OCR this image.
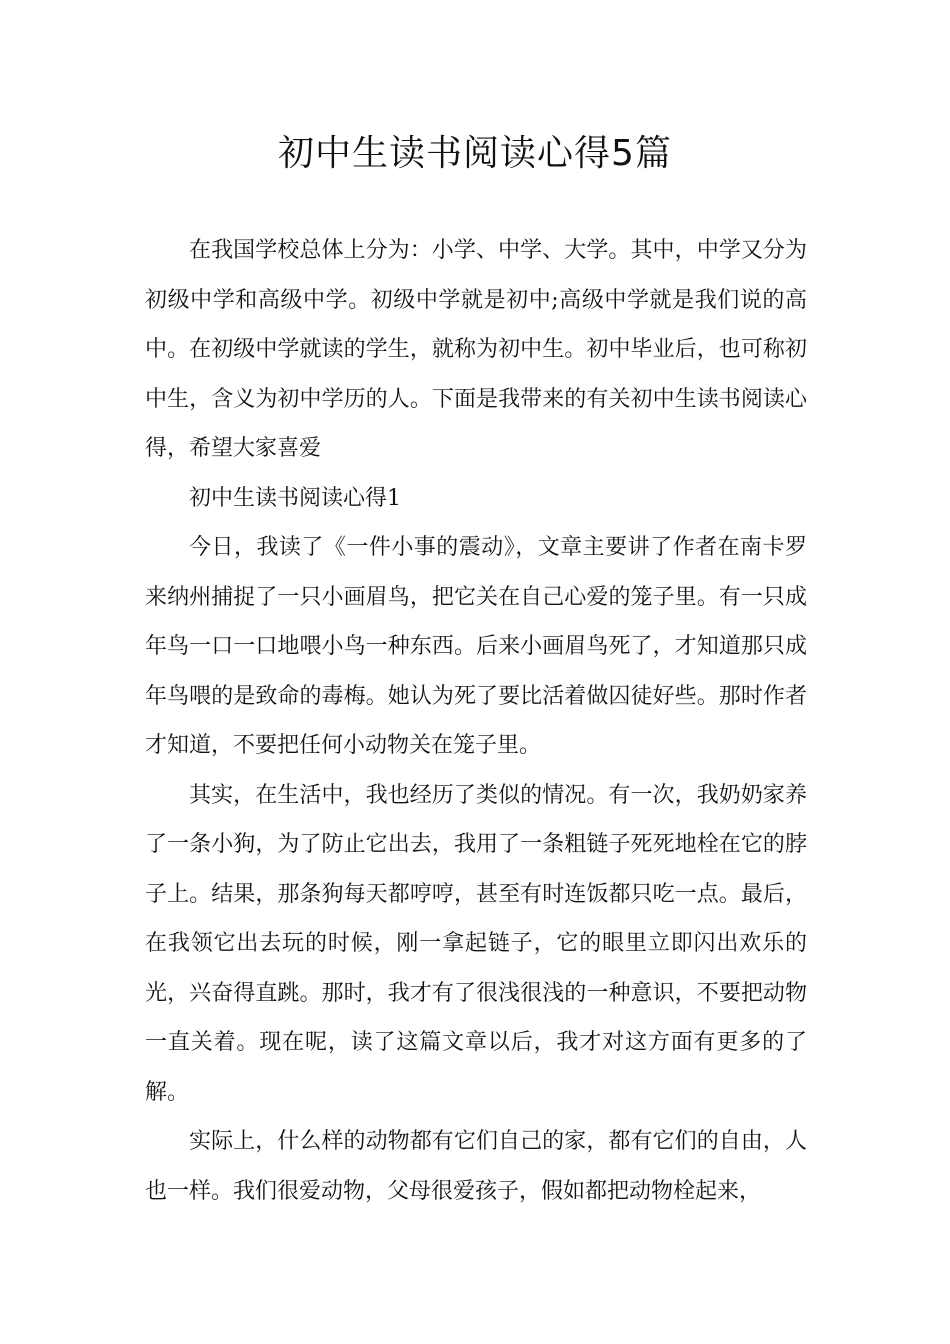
初中生读书阅读心得5篇

在我国学校总体上分为：小学、中学、大学。其中，中学又分为初级中学和高级中学。初级中学就是初中;高级中学就是我们说的高中。在初级中学就读的学生，就称为初中生。初中毕业后，也可称初中生，含义为初中学历的人。下面是我带来的有关初中生读书阅读心得，希望大家喜爱

初中生读书阅读心得1

今日，我读了《一件小事的震动》，文章主要讲了作者在南卡罗来纳州捕捉了一只小画眉鸟，把它关在自己心爱的笼子里。有一只成年鸟一口一口地喂小鸟一种东西。后来小画眉鸟死了，才知道那只成年鸟喂的是致命的毒梅。她认为死了要比活着做囚徒好些。那时作者才知道，不要把任何小动物关在笼子里。

其实，在生活中，我也经历了类似的情况。有一次，我奶奶家养了一条小狗，为了防止它出去，我用了一条粗链子死死地栓在它的脖子上。结果，那条狗每天都哼哼，甚至有时连饭都只吃一点。最后，在我领它出去玩的时候，刚一拿起链子，它的眼里立即闪出欢乐的光，兴奋得直跳。那时，我才有了很浅很浅的一种意识，不要把动物一直关着。现在呢，读了这篇文章以后，我才对这方面有更多的了解。

实际上，什么样的动物都有它们自己的家，都有它们的自由，人也一样。我们很爱动物，父母很爱孩子，假如都把动物栓起来，
